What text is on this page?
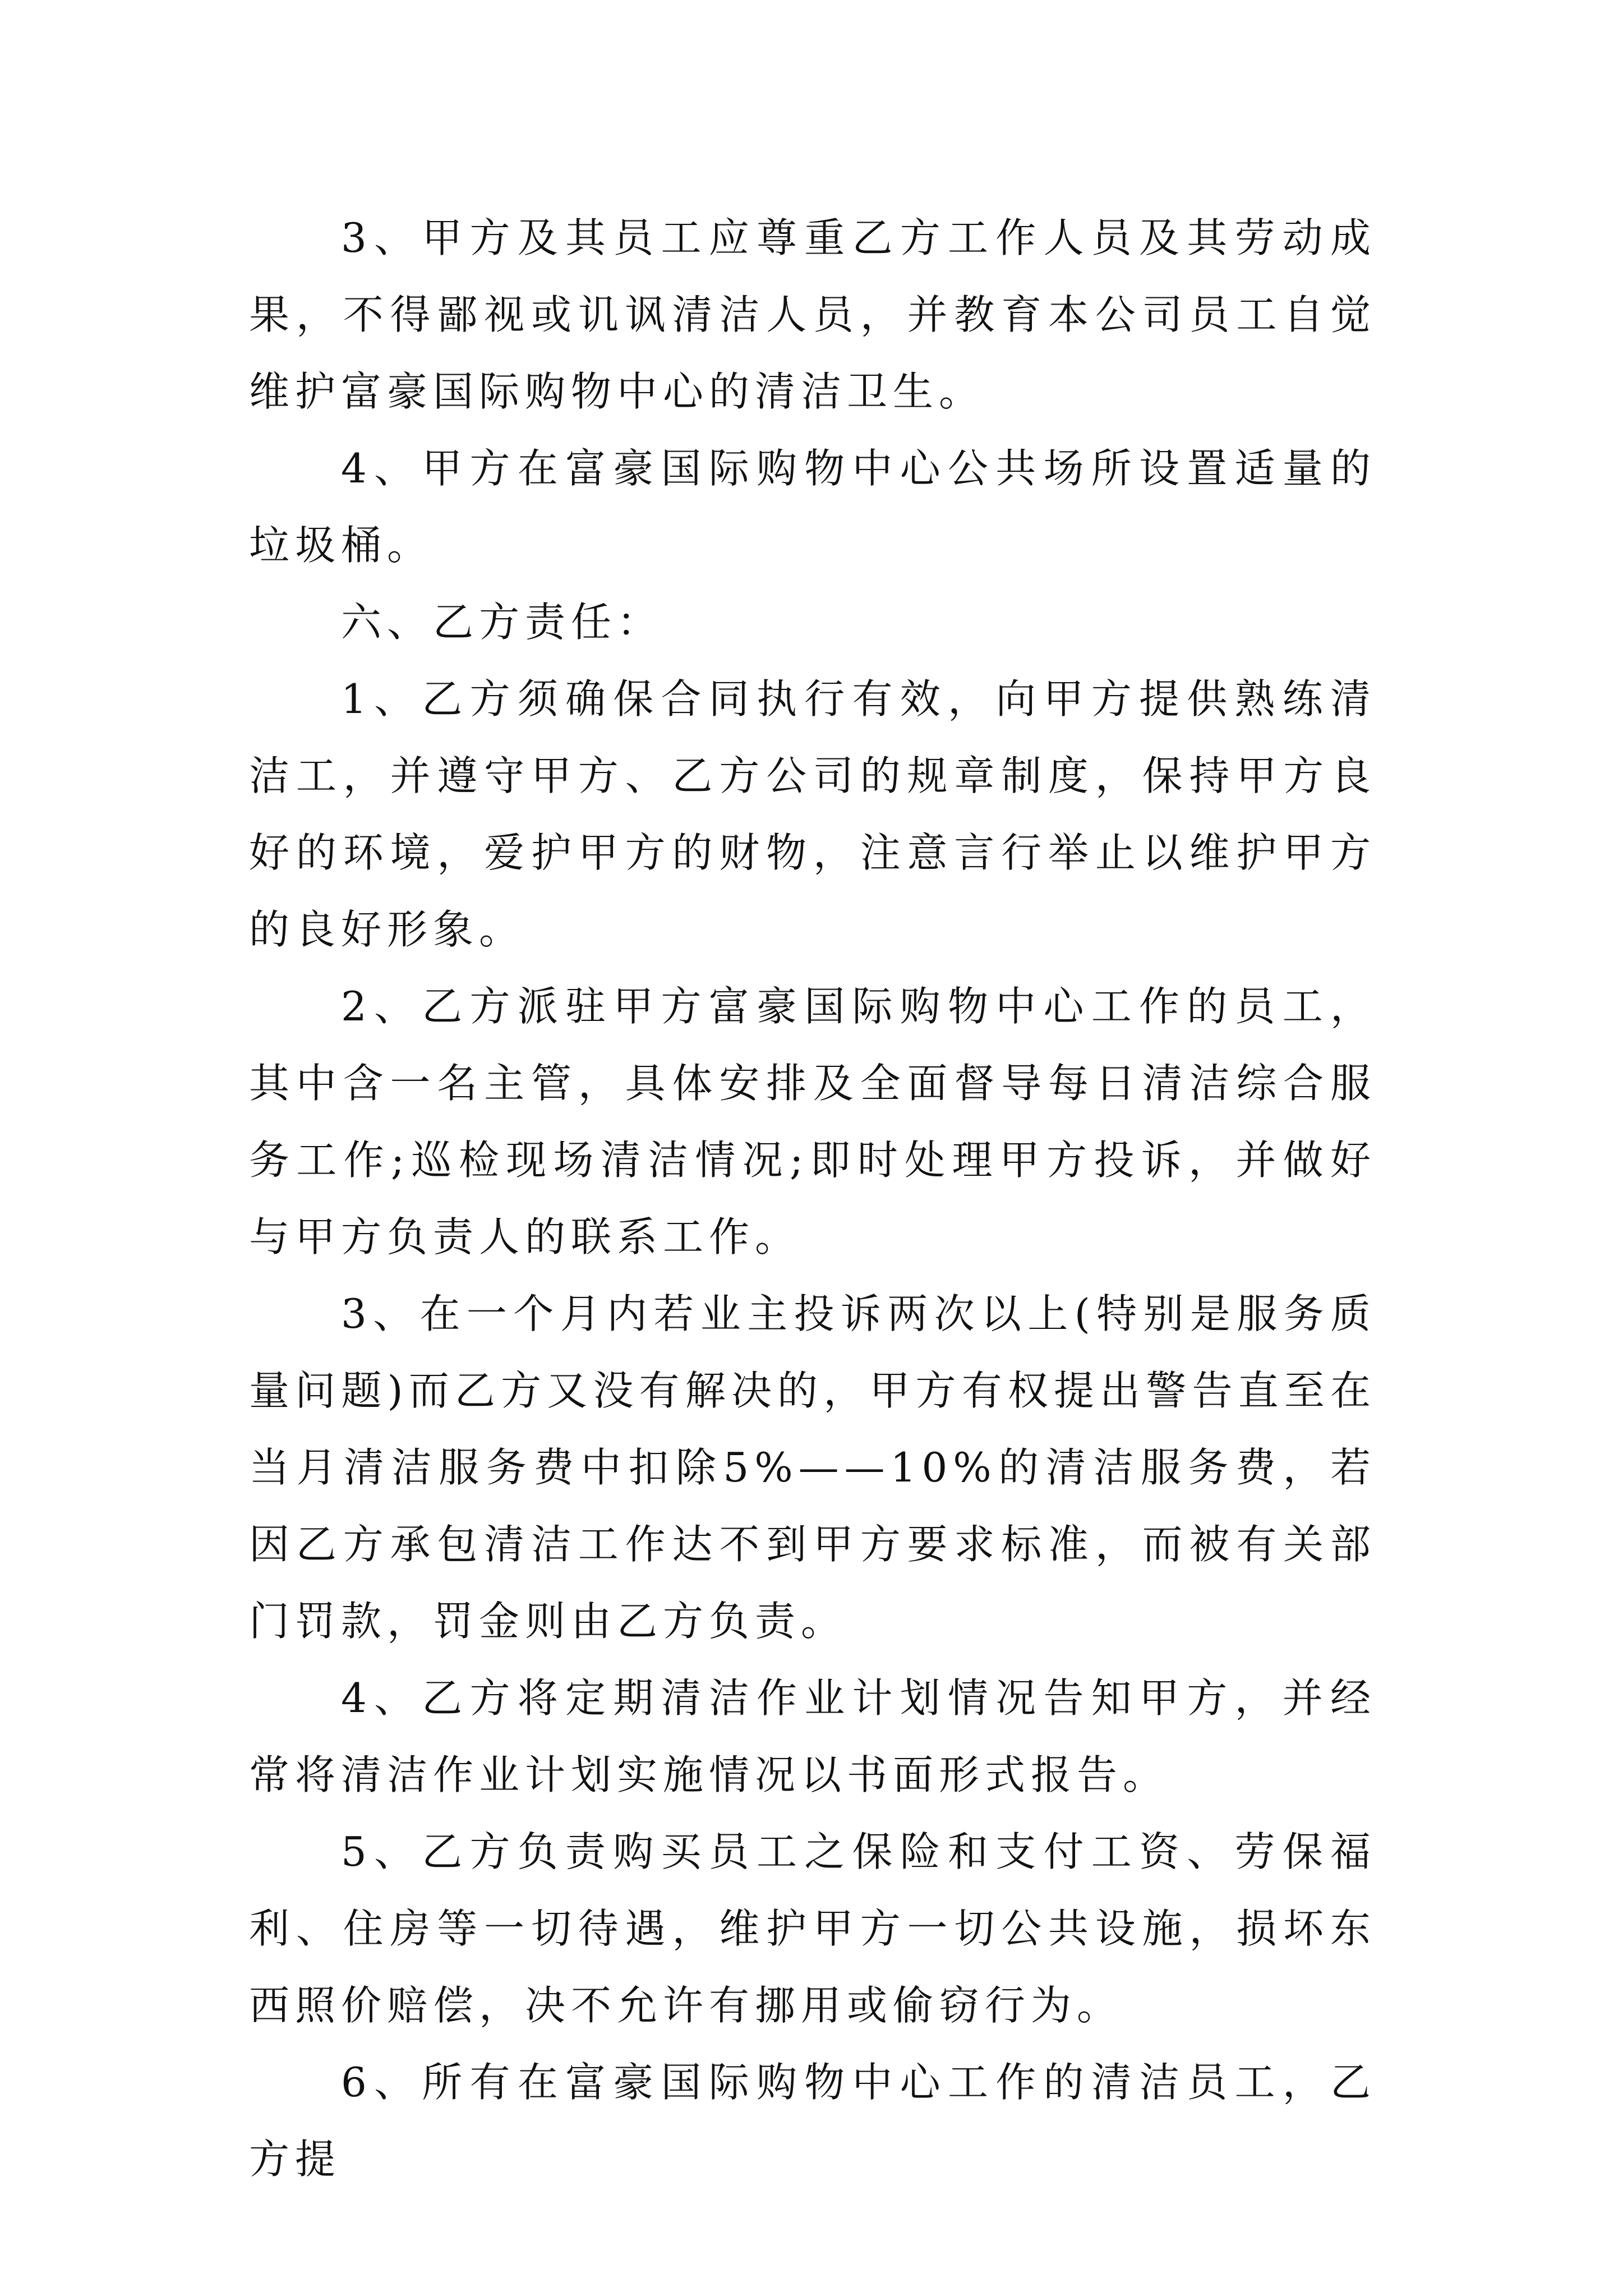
3、甲方及其员工应尊重乙方工作人员及其劳动成果，不得鄙视或讥讽清洁人员，并教育本公司员工自觉维护富豪国际购物中心的清洁卫生。

4、甲方在富豪国际购物中心公共场所设置适量的垃圾桶。

六、乙方责任：

1、乙方须确保合同执行有效，向甲方提供熟练清洁工，并遵守甲方、乙方公司的规章制度，保持甲方良好的环境，爱护甲方的财物，注意言行举止以维护甲方的良好形象。

2、乙方派驻甲方富豪国际购物中心工作的员工，其中含一名主管，具体安排及全面督导每日清洁综合服务工作;巡检现场清洁情况;即时处理甲方投诉，并做好与甲方负责人的联系工作。

3、在一个月内若业主投诉两次以上(特别是服务质量问题)而乙方又没有解决的，甲方有权提出警告直至在当月清洁服务费中扣除5%——10%的清洁服务费，若因乙方承包清洁工作达不到甲方要求标准，而被有关部门罚款，罚金则由乙方负责。

4、乙方将定期清洁作业计划情况告知甲方，并经常将清洁作业计划实施情况以书面形式报告。

5、乙方负责购买员工之保险和支付工资、劳保福利、住房等一切待遇，维护甲方一切公共设施，损坏东西照价赔偿，决不允许有挪用或偷窃行为。

6、所有在富豪国际购物中心工作的清洁员工，乙方提
